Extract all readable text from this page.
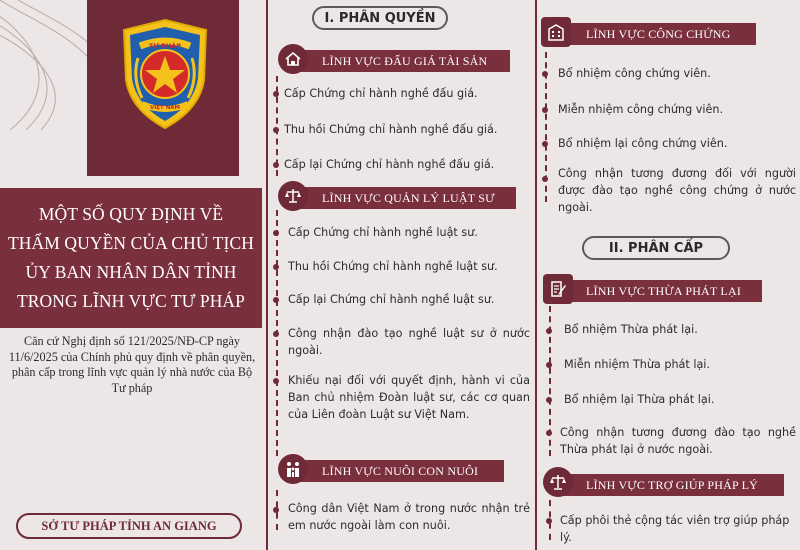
TƯ PHÁP
VIỆT NAM
MỘT SỐ QUY ĐỊNH VỀ
THẨM QUYỀN CỦA CHỦ TỊCH
ỦY BAN NHÂN DÂN TỈNH
TRONG LĨNH VỰC TƯ PHÁP
Căn cứ Nghị định số 121/2025/NĐ-CP ngày 11/6/2025 của Chính phủ quy định về phân quyền, phân cấp trong lĩnh vực quản lý nhà nước của Bộ Tư pháp
SỞ TƯ PHÁP TỈNH AN GIANG
I. PHÂN QUYỀN
LĨNH VỰC ĐẤU GIÁ TÀI SẢN
Cấp Chứng chỉ hành nghề đấu giá.
Thu hồi Chứng chỉ hành nghề đấu giá.
Cấp lại Chứng chỉ hành nghề đấu giá.
LĨNH VỰC QUẢN LÝ LUẬT SƯ
Cấp Chứng chỉ hành nghề luật sư.
Thu hồi Chứng chỉ hành nghề luật sư.
Cấp lại Chứng chỉ hành nghề luật sư.
Công nhận đào tạo nghề luật sư ở nước ngoài.
Khiếu nại đối với quyết định, hành vi của Ban chủ nhiệm Đoàn luật sư, các cơ quan của Liên đoàn Luật sư Việt Nam.
LĨNH VỰC NUÔI CON NUÔI
Công dân Việt Nam ở trong nước nhận trẻ em nước ngoài làm con nuôi.
LĨNH VỰC CÔNG CHỨNG
Bổ nhiệm công chứng viên.
Miễn nhiệm công chứng viên.
Bổ nhiệm lại công chứng viên.
Công nhận tương đương đối với người được đào tạo nghề công chứng ở nước ngoài.
II. PHÂN CẤP
LĨNH VỰC THỪA PHÁT LẠI
Bổ nhiệm Thừa phát lại.
Miễn nhiệm Thừa phát lại.
Bổ nhiệm lại Thừa phát lại.
Công nhận tương đương đào tạo nghề Thừa phát lại ở nước ngoài.
LĨNH VỰC TRỢ GIÚP PHÁP LÝ
Cấp phôi thẻ cộng tác viên trợ giúp pháp lý.
